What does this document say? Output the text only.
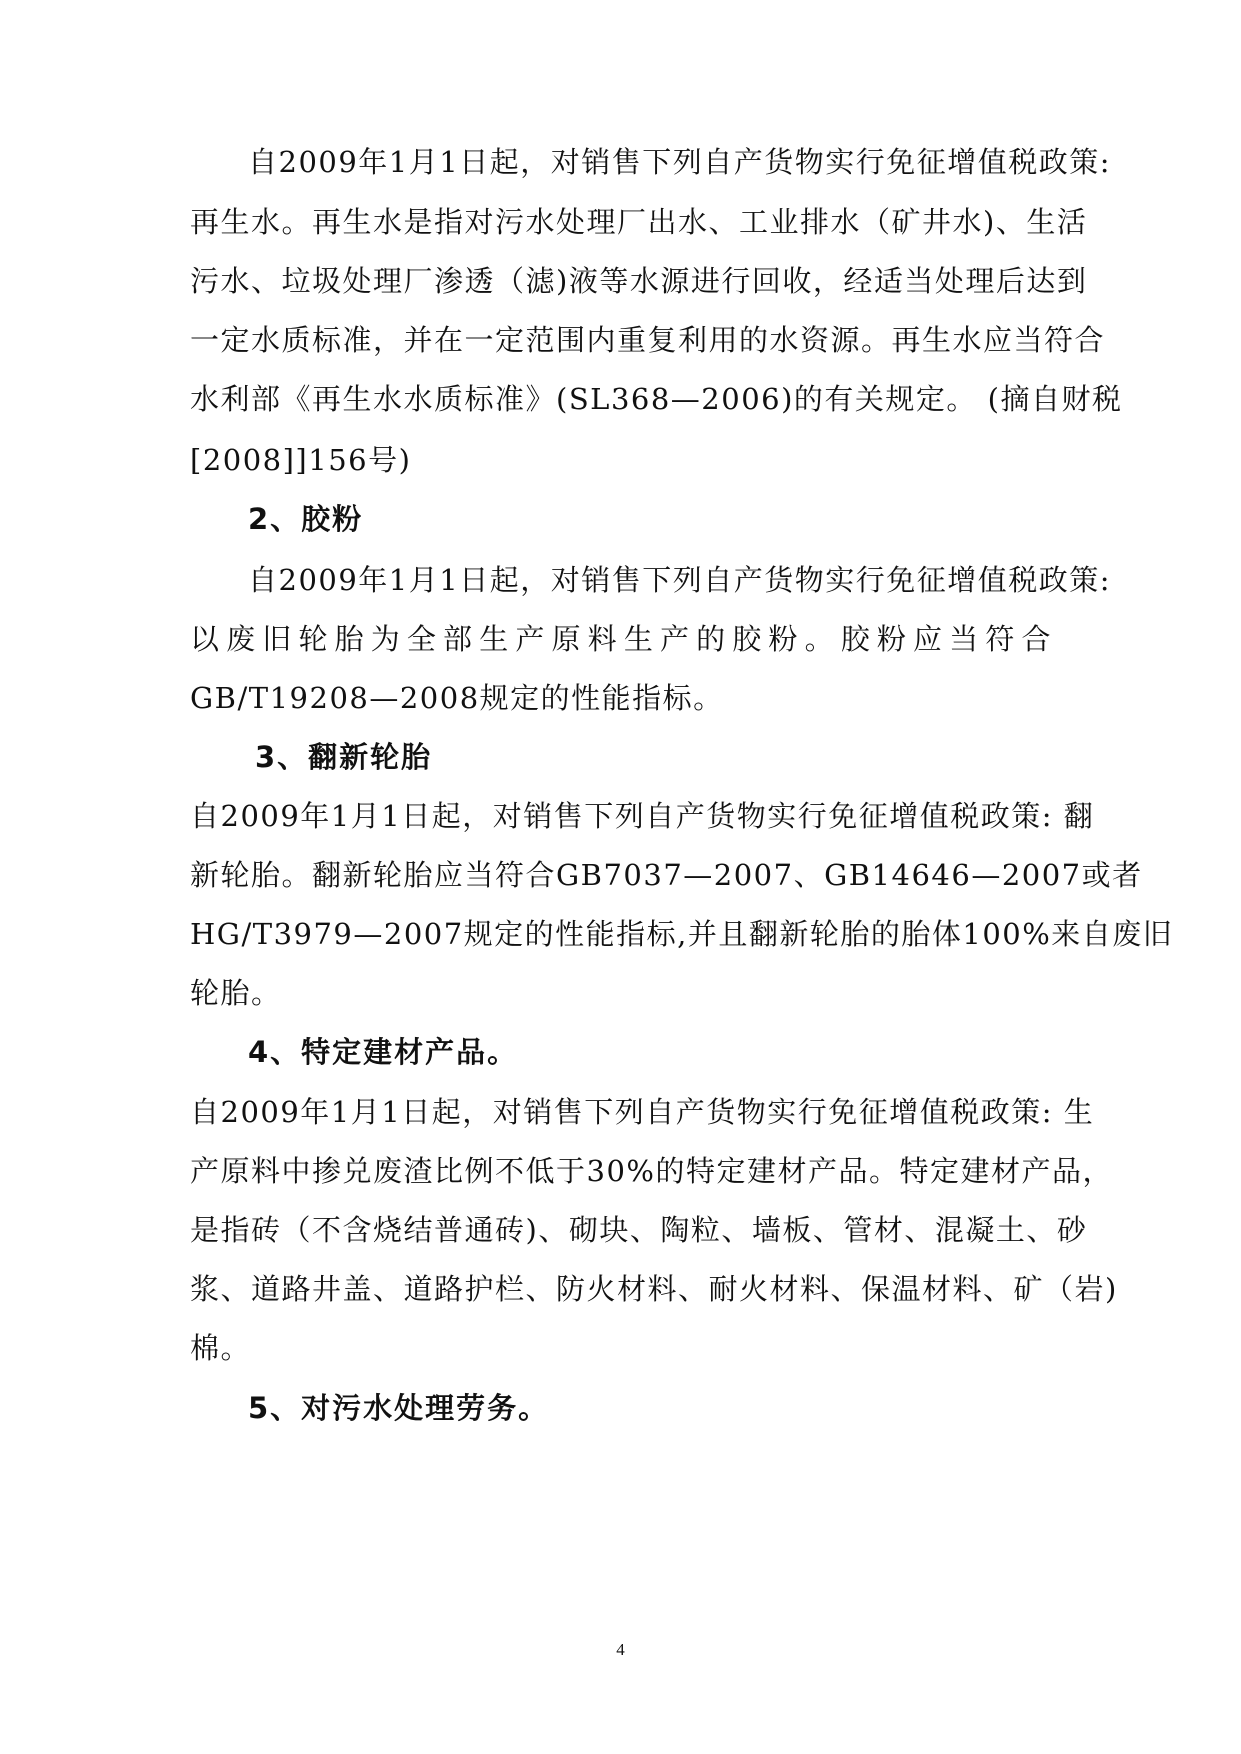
自2009年1月1日起，对销售下列自产货物实行免征增值税政策:
再生水。再生水是指对污水处理厂出水、工业排水（矿井水)、生活
污水、垃圾处理厂渗透（滤)液等水源进行回收，经适当处理后达到
一定水质标准，并在一定范围内重复利用的水资源。再生水应当符合
水利部《再生水水质标准》(SL368—2006)的有关规定。 (摘自财税
[2008]]156号)
2、胶粉
自2009年1月1日起，对销售下列自产货物实行免征增值税政策:
以废旧轮胎为全部生产原料生产的胶粉。胶粉应当符合
GB/T19208—2008规定的性能指标。
3、翻新轮胎
自2009年1月1日起，对销售下列自产货物实行免征增值税政策: 翻
新轮胎。翻新轮胎应当符合GB7037—2007、GB14646—2007或者
HG/T3979—2007规定的性能指标,并且翻新轮胎的胎体100%来自废旧
轮胎。
4、特定建材产品。
自2009年1月1日起，对销售下列自产货物实行免征增值税政策: 生
产原料中掺兑废渣比例不低于30%的特定建材产品。特定建材产品，
是指砖（不含烧结普通砖)、砌块、陶粒、墙板、管材、混凝土、砂
浆、道路井盖、道路护栏、防火材料、耐火材料、保温材料、矿（岩)
棉。
5、对污水处理劳务。
4
